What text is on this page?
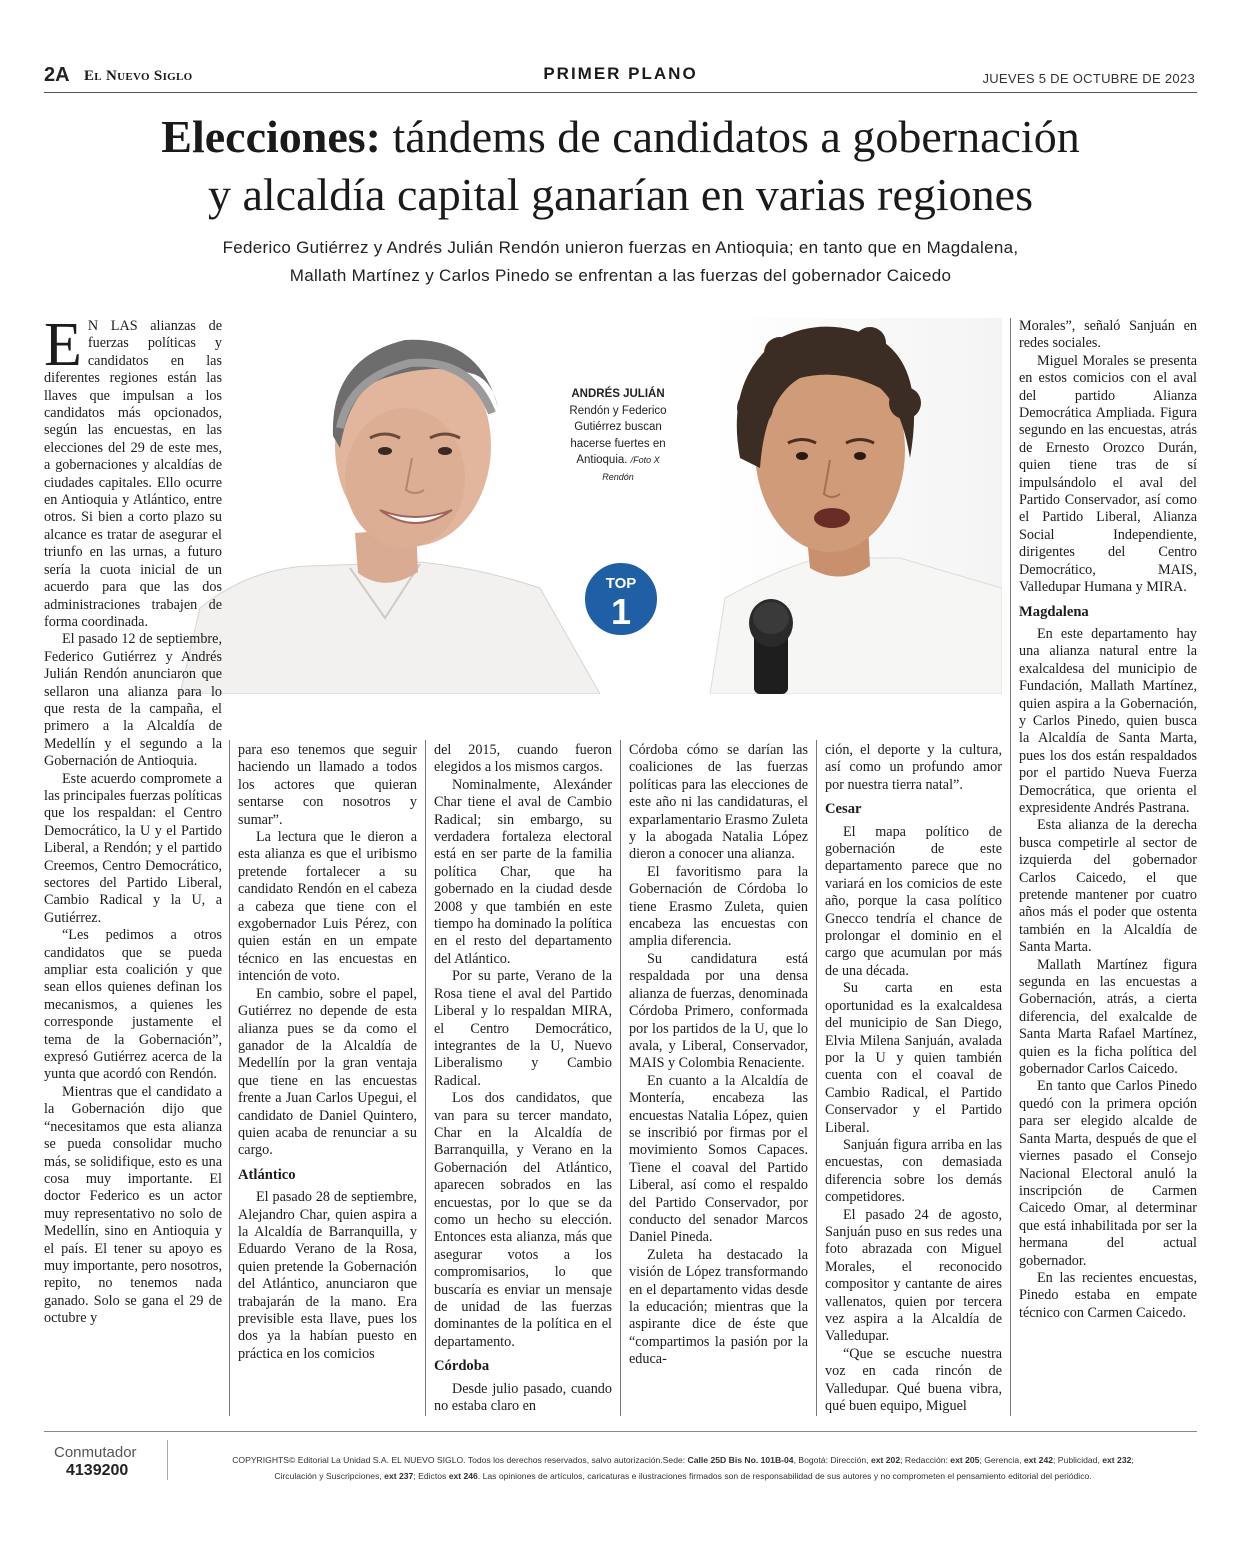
2A El Nuevo Siglo	PRIMER PLANO	JUEVES 5 DE OCTUBRE DE 2023
Elecciones: tándems de candidatos a gobernación
y alcaldía capital ganarían en varias regiones
Federico Gutiérrez y Andrés Julián Rendón unieron fuerzas en Antioquia; en tanto que en Magdalena,
Mallath Martínez y Carlos Pinedo se enfrentan a las fuerzas del gobernador Caicedo
ANDRÉS JULIÁN
Rendón y Federico Gutiérrez buscan hacerse fuertes en Antioquia. /Foto X Rendón
TOP
1

E N LAS alianzas de fuerzas políticas y candidatos en las diferentes regiones están las llaves que impulsan a los candidatos más opcionados, según las encuestas, en las elecciones del 29 de este mes, a gobernaciones y alcaldías de ciudades capitales. Ello ocurre en Antioquia y Atlántico, entre otros. Si bien a corto plazo su alcance es tratar de asegurar el triunfo en las urnas, a futuro sería la cuota inicial de un acuerdo para que las dos administraciones trabajen de forma coordinada.

El pasado 12 de septiembre, Federico Gutiérrez y Andrés Julián Rendón anunciaron que sellaron una alianza para lo que resta de la campaña, el primero a la Alcaldía de Medellín y el segundo a la Gobernación de Antioquia.

Este acuerdo compromete a las principales fuerzas políticas que los respaldan: el Centro Democrático, la U y el Partido Liberal, a Rendón; y el partido Creemos, Centro Democrático, sectores del Partido Liberal, Cambio Radical y la U, a Gutiérrez.

“Les pedimos a otros candidatos que se pueda ampliar esta coalición y que sean ellos quienes definan los mecanismos, a quienes les corresponde justamente el tema de la Gobernación”, expresó Gutiérrez acerca de la yunta que acordó con Rendón.

Mientras que el candidato a la Gobernación dijo que “necesitamos que esta alianza se pueda consolidar mucho más, se solidifique, esto es una cosa muy importante. El doctor Federico es un actor muy representativo no solo de Medellín, sino en Antioquia y el país. El tener su apoyo es muy importante, pero nosotros, repito, no tenemos nada ganado. Solo se gana el 29 de octubre y

para eso tenemos que seguir haciendo un llamado a todos los actores que quieran sentarse con nosotros y sumar”.

La lectura que le dieron a esta alianza es que el uribismo pretende fortalecer a su candidato Rendón en el cabeza a cabeza que tiene con el exgobernador Luis Pérez, con quien están en un empate técnico en las encuestas en intención de voto.

En cambio, sobre el papel, Gutiérrez no depende de esta alianza pues se da como el ganador de la Alcaldía de Medellín por la gran ventaja que tiene en las encuestas frente a Juan Carlos Upegui, el candidato de Daniel Quintero, quien acaba de renunciar a su cargo.

Atlántico

El pasado 28 de septiembre, Alejandro Char, quien aspira a la Alcaldía de Barranquilla, y Eduardo Verano de la Rosa, quien pretende la Gobernación del Atlántico, anunciaron que trabajarán de la mano. Era previsible esta llave, pues los dos ya la habían puesto en práctica en los comicios

del 2015, cuando fueron elegidos a los mismos cargos.

Nominalmente, Alexánder Char tiene el aval de Cambio Radical; sin embargo, su verdadera fortaleza electoral está en ser parte de la familia política Char, que ha gobernado en la ciudad desde 2008 y que también en este tiempo ha dominado la política en el resto del departamento del Atlántico.

Por su parte, Verano de la Rosa tiene el aval del Partido Liberal y lo respaldan MIRA, el Centro Democrático, integrantes de la U, Nuevo Liberalismo y Cambio Radical.

Los dos candidatos, que van para su tercer mandato, Char en la Alcaldía de Barranquilla, y Verano en la Gobernación del Atlántico, aparecen sobrados en las encuestas, por lo que se da como un hecho su elección. Entonces esta alianza, más que asegurar votos a los compromisarios, lo que buscaría es enviar un mensaje de unidad de las fuerzas dominantes de la política en el departamento.

Córdoba

Desde julio pasado, cuando no estaba claro en

Córdoba cómo se darían las coaliciones de las fuerzas políticas para las elecciones de este año ni las candidaturas, el exparlamentario Erasmo Zuleta y la abogada Natalia López dieron a conocer una alianza.

El favoritismo para la Gobernación de Córdoba lo tiene Erasmo Zuleta, quien encabeza las encuestas con amplia diferencia.

Su candidatura está respaldada por una densa alianza de fuerzas, denominada Córdoba Primero, conformada por los partidos de la U, que lo avala, y Liberal, Conservador, MAIS y Colombia Renaciente.

En cuanto a la Alcaldía de Montería, encabeza las encuestas Natalia López, quien se inscribió por firmas por el movimiento Somos Capaces. Tiene el coaval del Partido Liberal, así como el respaldo del Partido Conservador, por conducto del senador Marcos Daniel Pineda.

Zuleta ha destacado la visión de López transformando en el departamento vidas desde la educación; mientras que la aspirante dice de éste que “compartimos la pasión por la educa-

ción, el deporte y la cultura, así como un profundo amor por nuestra tierra natal”.

Cesar

El mapa político de gobernación de este departamento parece que no variará en los comicios de este año, porque la casa político Gnecco tendría el chance de prolongar el dominio en el cargo que acumulan por más de una década.

Su carta en esta oportunidad es la exalcaldesa del municipio de San Diego, Elvia Milena Sanjuán, avalada por la U y quien también cuenta con el coaval de Cambio Radical, el Partido Conservador y el Partido Liberal.

Sanjuán figura arriba en las encuestas, con demasiada diferencia sobre los demás competidores.

El pasado 24 de agosto, Sanjuán puso en sus redes una foto abrazada con Miguel Morales, el reconocido compositor y cantante de aires vallenatos, quien por tercera vez aspira a la Alcaldía de Valledupar.

“Que se escuche nuestra voz en cada rincón de Valledupar. Qué buena vibra, qué buen equipo, Miguel

Morales”, señaló Sanjuán en redes sociales.

Miguel Morales se presenta en estos comicios con el aval del partido Alianza Democrática Ampliada. Figura segundo en las encuestas, atrás de Ernesto Orozco Durán, quien tiene tras de sí impulsándolo el aval del Partido Conservador, así como el Partido Liberal, Alianza Social Independiente, dirigentes del Centro Democrático, MAIS, Valledupar Humana y MIRA.

Magdalena

En este departamento hay una alianza natural entre la exalcaldesa del municipio de Fundación, Mallath Martínez, quien aspira a la Gobernación, y Carlos Pinedo, quien busca la Alcaldía de Santa Marta, pues los dos están respaldados por el partido Nueva Fuerza Democrática, que orienta el expresidente Andrés Pastrana.

Esta alianza de la derecha busca competirle al sector de izquierda del gobernador Carlos Caicedo, el que pretende mantener por cuatro años más el poder que ostenta también en la Alcaldía de Santa Marta.

Mallath Martínez figura segunda en las encuestas a Gobernación, atrás, a cierta diferencia, del exalcalde de Santa Marta Rafael Martínez, quien es la ficha política del gobernador Carlos Caicedo.

En tanto que Carlos Pinedo quedó con la primera opción para ser elegido alcalde de Santa Marta, después de que el viernes pasado el Consejo Nacional Electoral anuló la inscripción de Carmen Caicedo Omar, al determinar que está inhabilitada por ser la hermana del actual gobernador.

En las recientes encuestas, Pinedo estaba en empate técnico con Carmen Caicedo.

Conmutador
4139200
COPYRIGHTS© Editorial La Unidad S.A. EL NUEVO SIGLO. Todos los derechos reservados, salvo autorización.Sede: Calle 25D Bis No. 101B-04, Bogotá: Dirección, ext 202; Redacción: ext 205; Gerencia, ext 242; Publicidad, ext 232;
Circulación y Suscripciones, ext 237; Edictos ext 246. Las opiniones de artículos, caricaturas e ilustraciones firmados son de responsabilidad de sus autores y no comprometen el pensamiento editorial del periódico.
